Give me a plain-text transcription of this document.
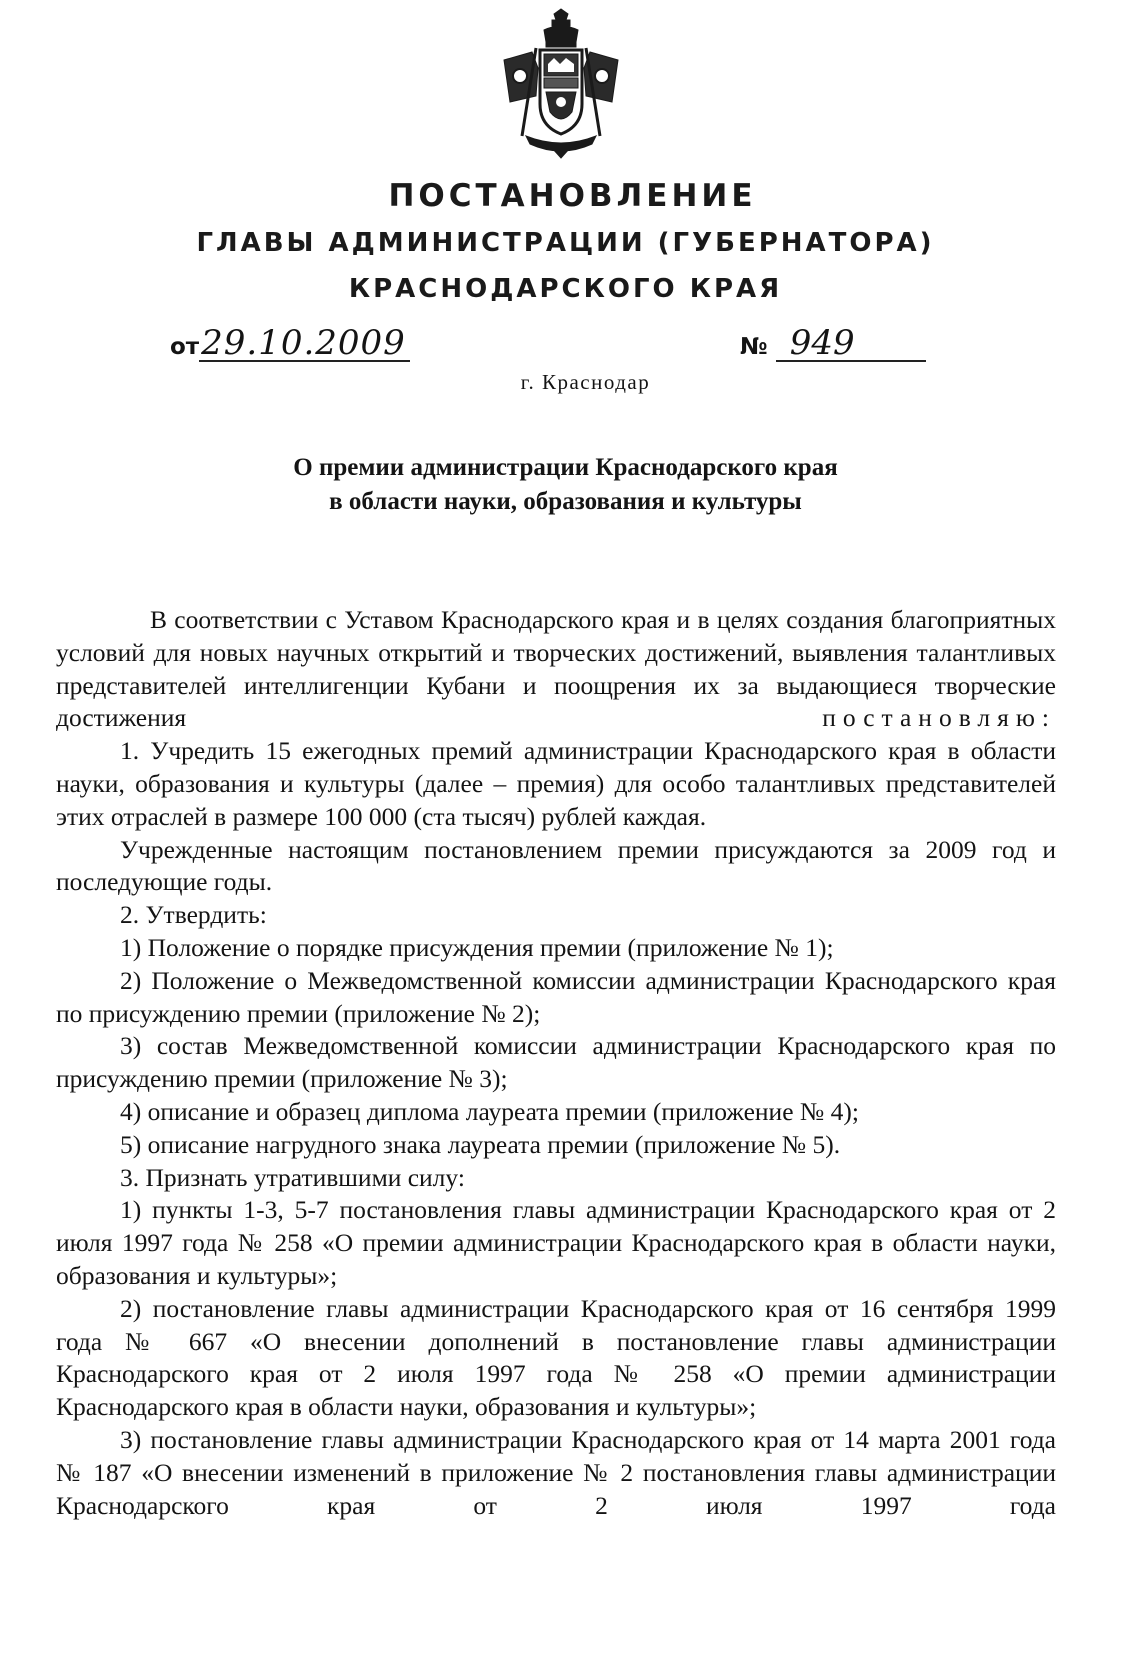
ПОСТАНОВЛЕНИЕ
ГЛАВЫ АДМИНИСТРАЦИИ (ГУБЕРНАТОРА)
КРАСНОДАРСКОГО КРАЯ
от29.10.2009	№ 949
г. Краснодар
О премии администрации Краснодарского края
в области науки, образования и культуры

В соответствии с Уставом Краснодарского края и в целях создания благоприятных условий для новых научных открытий и творческих достижений, выявления талантливых представителей интеллигенции Кубани и поощрения их за выдающиеся творческие достижения	постановляю:

1. Учредить 15 ежегодных премий администрации Краснодарского края в области науки, образования и культуры (далее – премия) для особо талантливых представителей этих отраслей в размере 100 000 (ста тысяч) рублей каждая.

Учрежденные настоящим постановлением премии присуждаются за 2009 год и последующие годы.

2. Утвердить:

1) Положение о порядке присуждения премии (приложение № 1);

2) Положение о Межведомственной комиссии администрации Краснодарского края по присуждению премии (приложение № 2);

3) состав Межведомственной комиссии администрации Краснодарского края по присуждению премии (приложение № 3);

4) описание и образец диплома лауреата премии (приложение № 4);

5) описание нагрудного знака лауреата премии (приложение № 5).

3. Признать утратившими силу:

1) пункты 1-3, 5-7 постановления главы администрации Краснодарского края от 2 июля 1997 года № 258 «О премии администрации Краснодарского края в области науки, образования и культуры»;

2) постановление главы администрации Краснодарского края от 16 сентября 1999 года № 667 «О внесении дополнений в постановление главы администрации Краснодарского края от 2 июля 1997 года № 258 «О премии администрации Краснодарского края в области науки, образования и культуры»;

3) постановление главы администрации Краснодарского края от 14 марта 2001 года № 187 «О внесении изменений в приложение № 2 постановления главы администрации Краснодарского края от 2 июля 1997 года
